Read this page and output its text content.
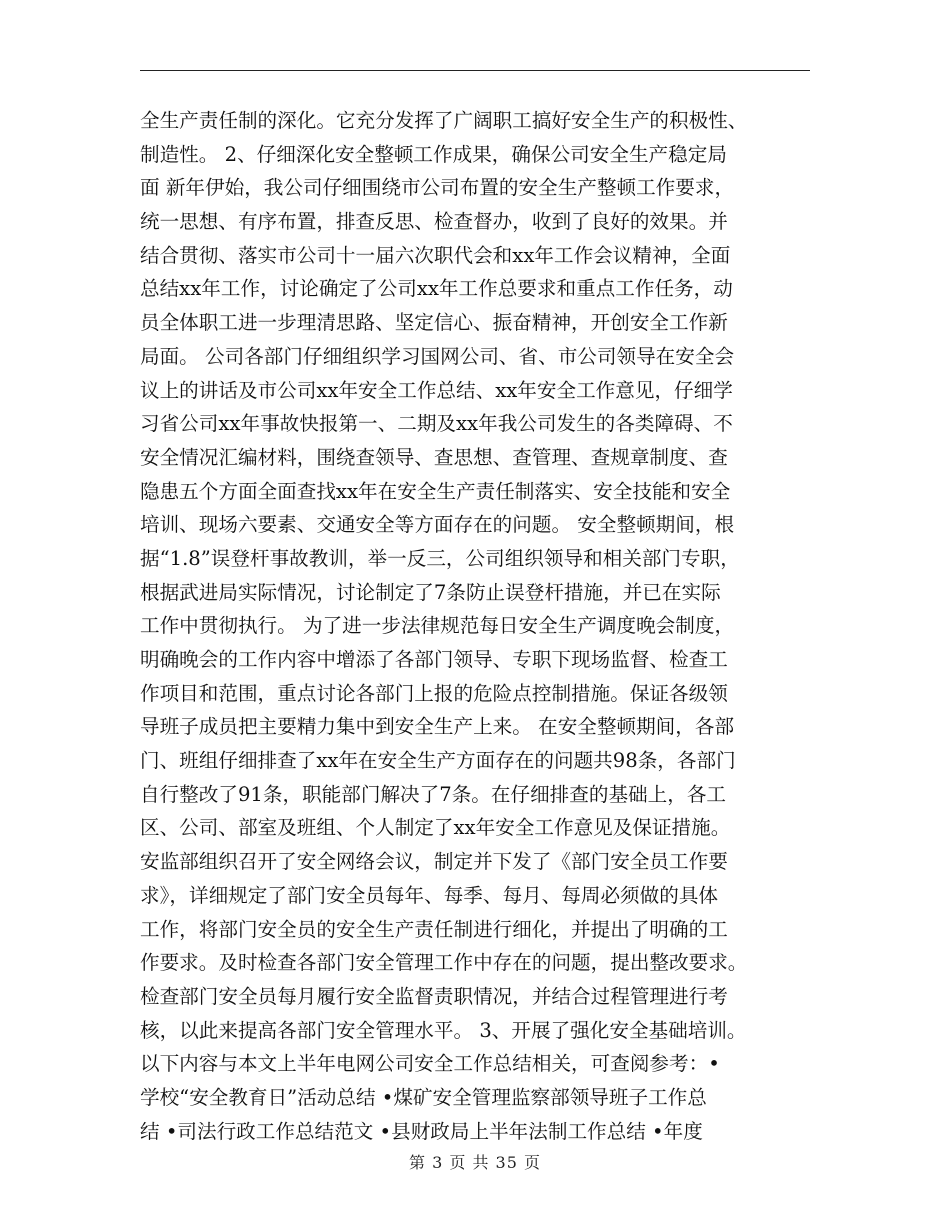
全生产责任制的深化。它充分发挥了广阔职工搞好安全生产的积极性、
制造性。 2、仔细深化安全整顿工作成果，确保公司安全生产稳定局
面 新年伊始，我公司仔细围绕市公司布置的安全生产整顿工作要求，
统一思想、有序布置，排查反思、检查督办，收到了良好的效果。并
结合贯彻、落实市公司十一届六次职代会和xx年工作会议精神，全面
总结xx年工作，讨论确定了公司xx年工作总要求和重点工作任务，动
员全体职工进一步理清思路、坚定信心、振奋精神，开创安全工作新
局面。 公司各部门仔细组织学习国网公司、省、市公司领导在安全会
议上的讲话及市公司xx年安全工作总结、xx年安全工作意见，仔细学
习省公司xx年事故快报第一、二期及xx年我公司发生的各类障碍、不
安全情况汇编材料，围绕查领导、查思想、查管理、查规章制度、查
隐患五个方面全面查找xx年在安全生产责任制落实、安全技能和安全
培训、现场六要素、交通安全等方面存在的问题。 安全整顿期间，根
据“1.8”误登杆事故教训，举一反三，公司组织领导和相关部门专职，
根据武进局实际情况，讨论制定了7条防止误登杆措施，并已在实际
工作中贯彻执行。 为了进一步法律规范每日安全生产调度晚会制度，
明确晚会的工作内容中增添了各部门领导、专职下现场监督、检查工
作项目和范围，重点讨论各部门上报的危险点控制措施。保证各级领
导班子成员把主要精力集中到安全生产上来。 在安全整顿期间，各部
门、班组仔细排查了xx年在安全生产方面存在的问题共98条，各部门
自行整改了91条，职能部门解决了7条。在仔细排查的基础上，各工
区、公司、部室及班组、个人制定了xx年安全工作意见及保证措施。
安监部组织召开了安全网络会议，制定并下发了《部门安全员工作要
求》，详细规定了部门安全员每年、每季、每月、每周必须做的具体
工作，将部门安全员的安全生产责任制进行细化，并提出了明确的工
作要求。及时检查各部门安全管理工作中存在的问题，提出整改要求。
检查部门安全员每月履行安全监督责职情况，并结合过程管理进行考
核，以此来提高各部门安全管理水平。 3、开展了强化安全基础培训。
以下内容与本文上半年电网公司安全工作总结相关，可查阅参考：•
学校“安全教育日”活动总结 •煤矿安全管理监察部领导班子工作总
结 •司法行政工作总结范文 •县财政局上半年法制工作总结 •年度
第 3 页 共 35 页
